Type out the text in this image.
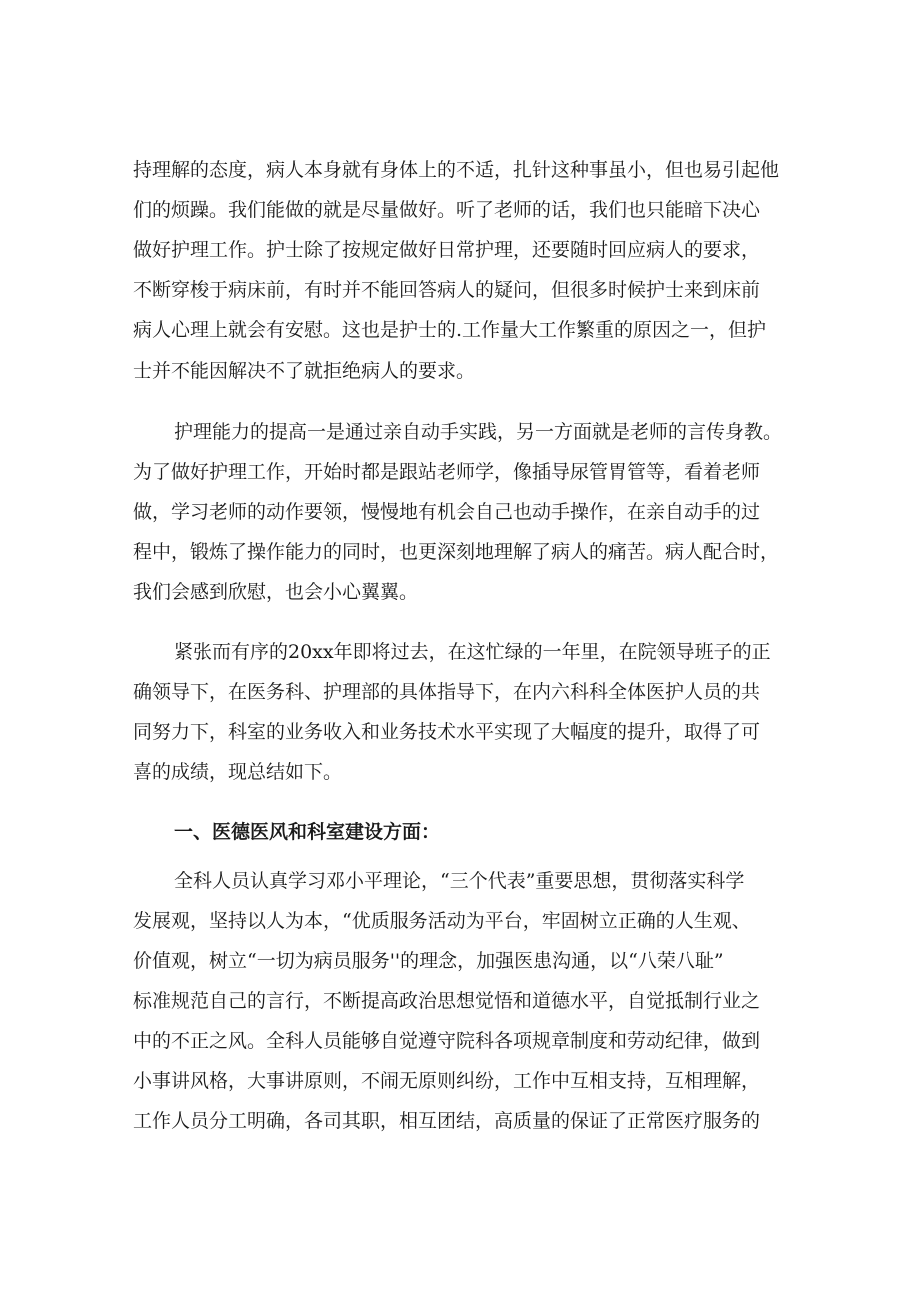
持理解的态度，病人本身就有身体上的不适，扎针这种事虽小，但也易引起他
们的烦躁。我们能做的就是尽量做好。听了老师的话，我们也只能暗下决心
做好护理工作。护士除了按规定做好日常护理，还要随时回应病人的要求，
不断穿梭于病床前，有时并不能回答病人的疑问，但很多时候护士来到床前
病人心理上就会有安慰。这也是护士的.工作量大工作繁重的原因之一，但护
士并不能因解决不了就拒绝病人的要求。
护理能力的提高一是通过亲自动手实践，另一方面就是老师的言传身教。
为了做好护理工作，开始时都是跟站老师学，像插导尿管胃管等，看着老师
做，学习老师的动作要领，慢慢地有机会自己也动手操作，在亲自动手的过
程中，锻炼了操作能力的同时，也更深刻地理解了病人的痛苦。病人配合时，
我们会感到欣慰，也会小心翼翼。
紧张而有序的20xx年即将过去，在这忙绿的一年里，在院领导班子的正
确领导下，在医务科、护理部的具体指导下，在内六科科全体医护人员的共
同努力下，科室的业务收入和业务技术水平实现了大幅度的提升，取得了可
喜的成绩，现总结如下。
一、医德医风和科室建设方面：
全科人员认真学习邓小平理论，“三个代表”重要思想，贯彻落实科学
发展观，坚持以人为本，“优质服务活动为平台，牢固树立正确的人生观、
价值观，树立“一切为病员服务''的理念，加强医患沟通，以“八荣八耻”
标准规范自己的言行，不断提高政治思想觉悟和道德水平，自觉抵制行业之
中的不正之风。全科人员能够自觉遵守院科各项规章制度和劳动纪律，做到
小事讲风格，大事讲原则，不闹无原则纠纷，工作中互相支持，互相理解，
工作人员分工明确，各司其职，相互团结，高质量的保证了正常医疗服务的
